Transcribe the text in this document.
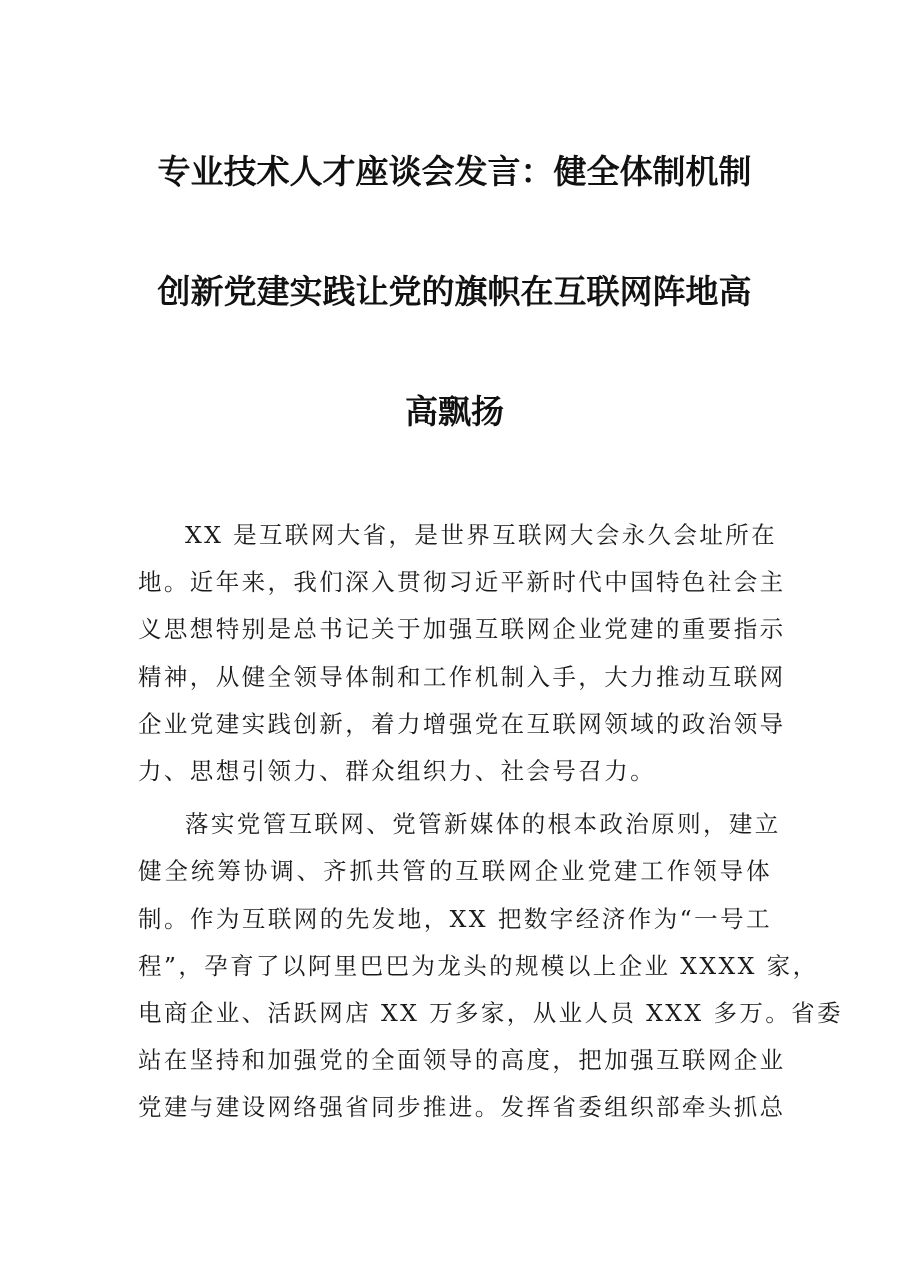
专业技术人才座谈会发言：健全体制机制
创新党建实践让党的旗帜在互联网阵地高
高飘扬
XX 是互联网大省，是世界互联网大会永久会址所在
地。近年来，我们深入贯彻习近平新时代中国特色社会主
义思想特别是总书记关于加强互联网企业党建的重要指示
精神，从健全领导体制和工作机制入手，大力推动互联网
企业党建实践创新，着力增强党在互联网领域的政治领导
力、思想引领力、群众组织力、社会号召力。
落实党管互联网、党管新媒体的根本政治原则，建立
健全统筹协调、齐抓共管的互联网企业党建工作领导体
制。作为互联网的先发地，XX 把数字经济作为“一号工
程”，孕育了以阿里巴巴为龙头的规模以上企业 XXXX 家，
电商企业、活跃网店 XX 万多家，从业人员 XXX 多万。省委
站在坚持和加强党的全面领导的高度，把加强互联网企业
党建与建设网络强省同步推进。发挥省委组织部牵头抓总
